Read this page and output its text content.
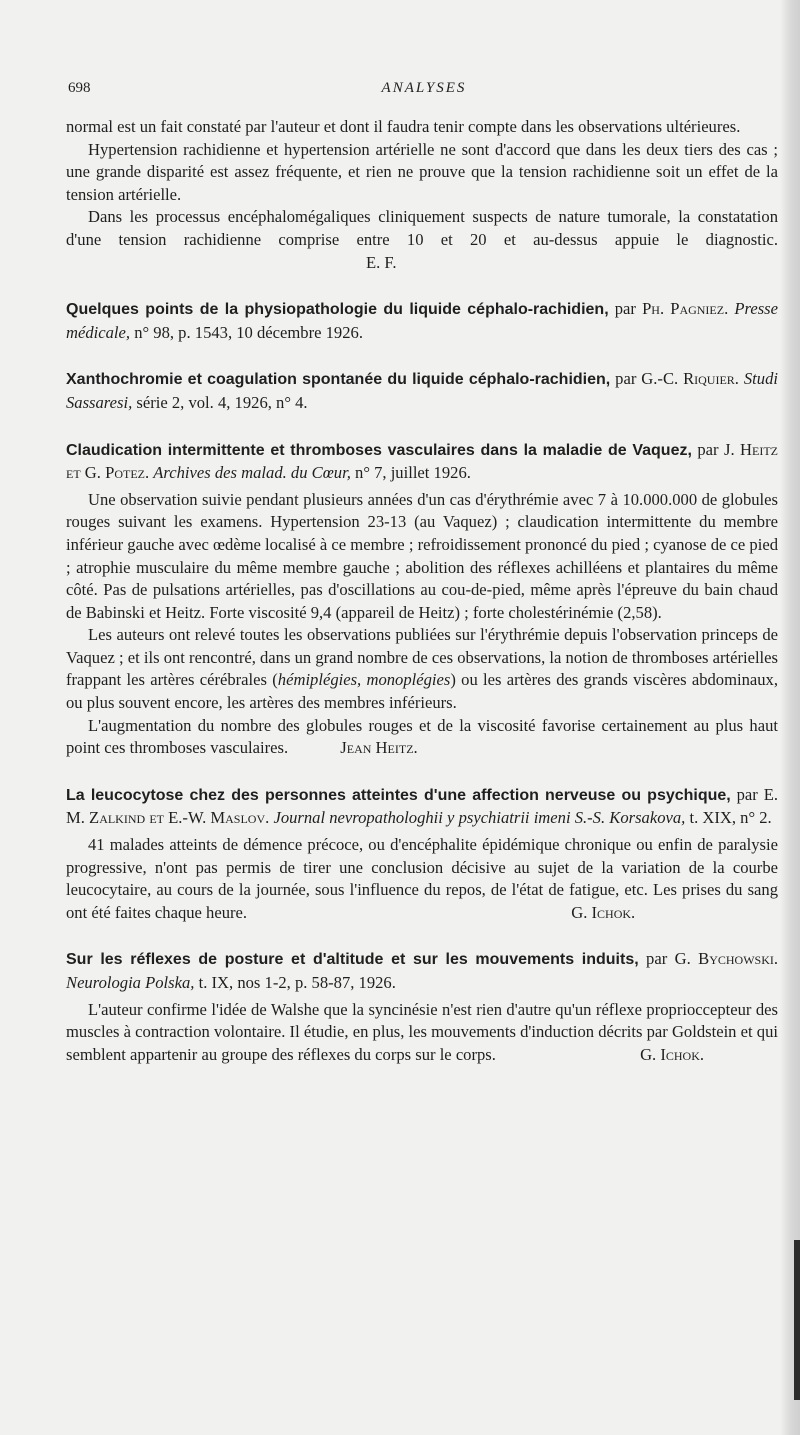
698	ANALYSES

normal est un fait constaté par l'auteur et dont il faudra tenir compte dans les observations ultérieures.

Hypertension rachidienne et hypertension artérielle ne sont d'accord que dans les deux tiers des cas ; une grande disparité est assez fréquente, et rien ne prouve que la tension rachidienne soit un effet de la tension artérielle.

Dans les processus encéphalomégaliques cliniquement suspects de nature tumorale, la constatation d'une tension rachidienne comprise entre 10 et 20 et au-dessus appuie le diagnostic. E. F.

Quelques points de la physiopathologie du liquide céphalo-rachidien, par Ph. Pagniez. Presse médicale, n° 98, p. 1543, 10 décembre 1926.

Xanthochromie et coagulation spontanée du liquide céphalo-rachidien, par G.-C. Riquier. Studi Sassaresi, série 2, vol. 4, 1926, n° 4.

Claudication intermittente et thromboses vasculaires dans la maladie de Vaquez, par J. Heitz et G. Potez. Archives des malad. du Cœur, n° 7, juillet 1926.

Une observation suivie pendant plusieurs années d'un cas d'érythrémie avec 7 à 10.000.000 de globules rouges suivant les examens. Hypertension 23-13 (au Vaquez) ; claudication intermittente du membre inférieur gauche avec œdème localisé à ce membre ; refroidissement prononcé du pied ; cyanose de ce pied ; atrophie musculaire du même membre gauche ; abolition des réflexes achilléens et plantaires du même côté. Pas de pulsations artérielles, pas d'oscillations au cou-de-pied, même après l'épreuve du bain chaud de Babinski et Heitz. Forte viscosité 9,4 (appareil de Heitz) ; forte cholestérinémie (2,58).

Les auteurs ont relevé toutes les observations publiées sur l'érythrémie depuis l'observation princeps de Vaquez ; et ils ont rencontré, dans un grand nombre de ces observations, la notion de thromboses artérielles frappant les artères cérébrales (hémiplégies, monoplégies) ou les artères des grands viscères abdominaux, ou plus souvent encore, les artères des membres inférieurs.

L'augmentation du nombre des globules rouges et de la viscosité favorise certainement au plus haut point ces thromboses vasculaires.	Jean Heitz.

La leucocytose chez des personnes atteintes d'une affection nerveuse ou psychique, par E. M. Zalkind et E.-W. Maslov. Journal nevropathologhii y psychiatrii imeni S.-S. Korsakova, t. XIX, n° 2.

41 malades atteints de démence précoce, ou d'encéphalite épidémique chronique ou enfin de paralysie progressive, n'ont pas permis de tirer une conclusion décisive au sujet de la variation de la courbe leucocytaire, au cours de la journée, sous l'influence du repos, de l'état de fatigue, etc. Les prises du sang ont été faites chaque heure.	G. Ichok.

Sur les réflexes de posture et d'altitude et sur les mouvements induits, par G. Bychowski. Neurologia Polska, t. IX, nos 1-2, p. 58-87, 1926.

L'auteur confirme l'idée de Walshe que la syncinésie n'est rien d'autre qu'un réflexe proprioccepteur des muscles à contraction volontaire. Il étudie, en plus, les mouvements d'induction décrits par Goldstein et qui semblent appartenir au groupe des réflexes du corps sur le corps.	G. Ichok.
